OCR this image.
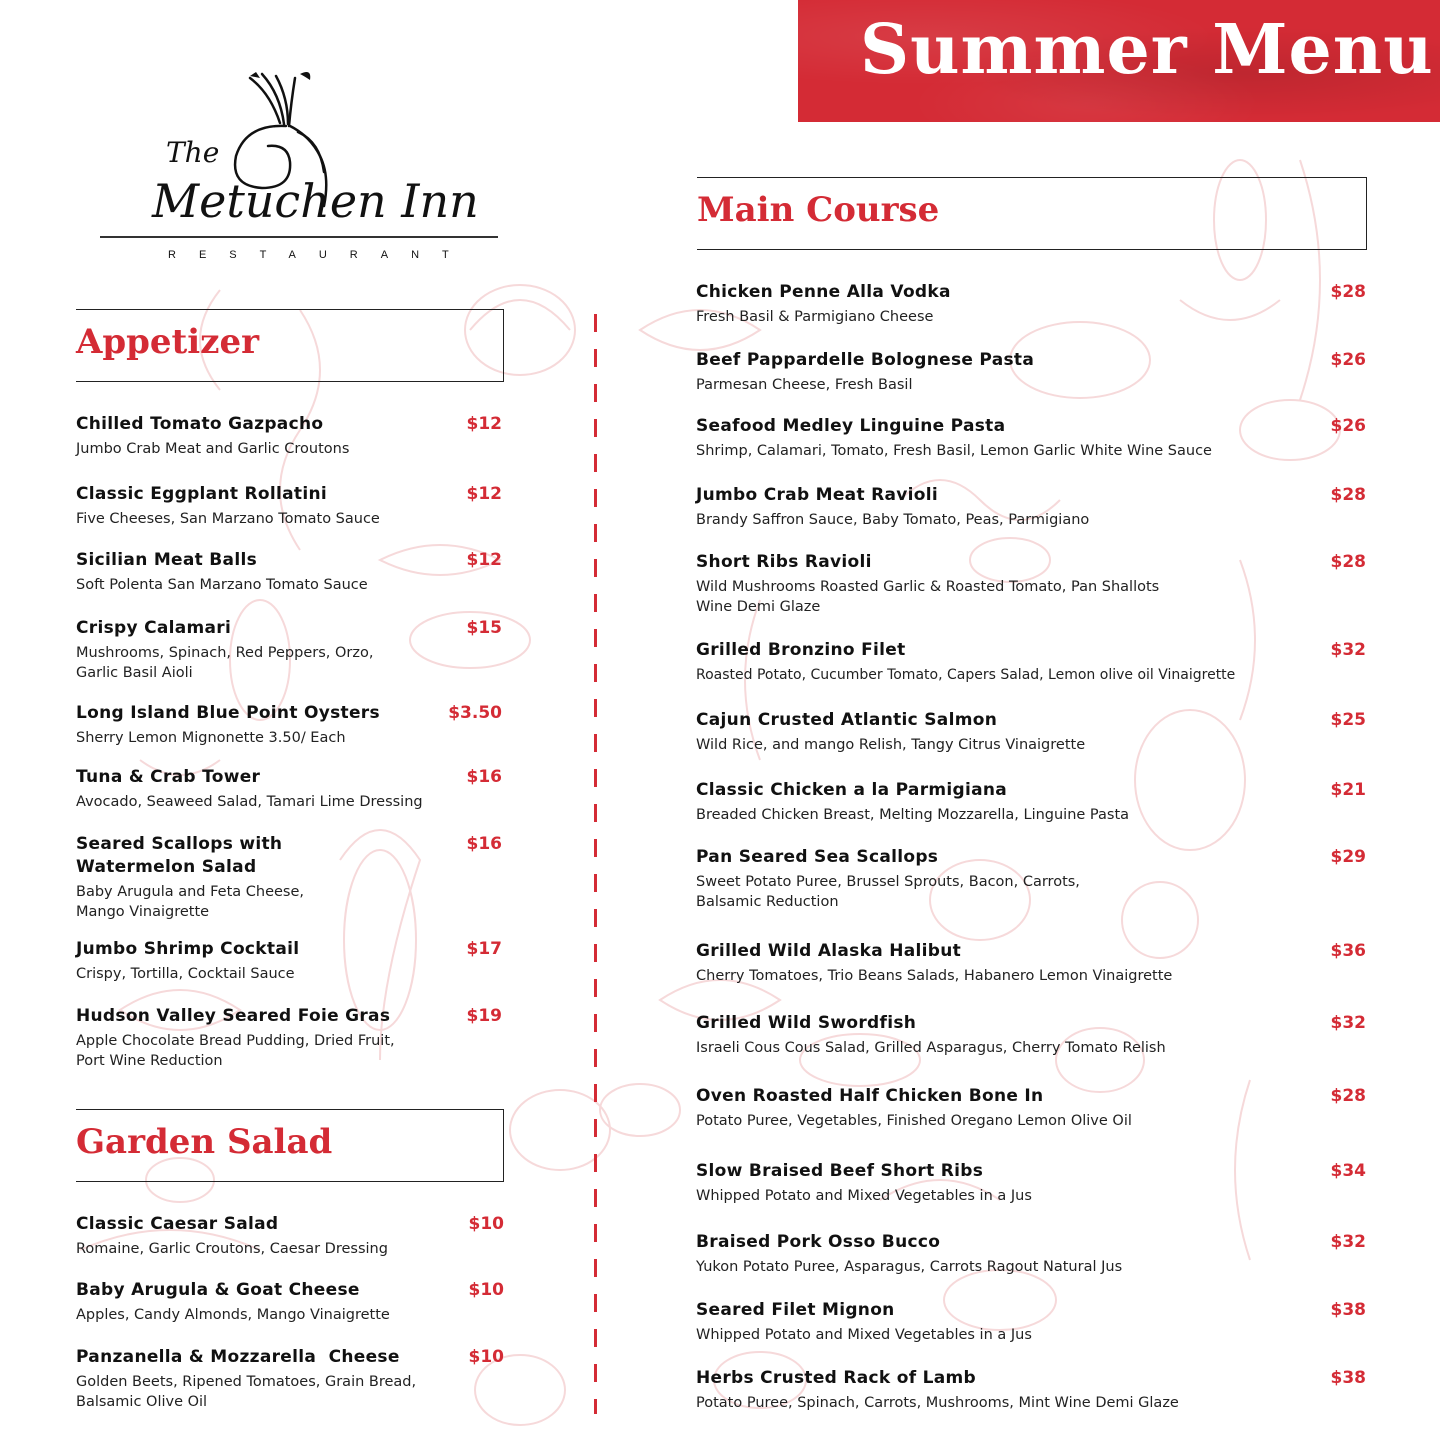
Summer Menu
The
Metuchen Inn
RESTAURANT
Appetizer
Garden Salad
Main Course
Chilled Tomato Gazpacho
Jumbo Crab Meat and Garlic Croutons
$12
Classic Eggplant Rollatini
Five Cheeses, San Marzano Tomato Sauce
$12
Sicilian Meat Balls
Soft Polenta San Marzano Tomato Sauce
$12
Crispy Calamari
Mushrooms, Spinach, Red Peppers, Orzo,
Garlic Basil Aioli
$15
Long Island Blue Point Oysters
Sherry Lemon Mignonette 3.50/ Each
$3.50
Tuna & Crab Tower
Avocado, Seaweed Salad, Tamari Lime Dressing
$16
Seared Scallops with
Watermelon Salad
Baby Arugula and Feta Cheese,
Mango Vinaigrette
$16
Jumbo Shrimp Cocktail
Crispy, Tortilla, Cocktail Sauce
$17
Hudson Valley Seared Foie Gras
Apple Chocolate Bread Pudding, Dried Fruit,
Port Wine Reduction
$19
Classic Caesar Salad
Romaine, Garlic Croutons, Caesar Dressing
$10
Baby Arugula & Goat Cheese
Apples, Candy Almonds, Mango Vinaigrette
$10
Panzanella & Mozzarella  Cheese
Golden Beets, Ripened Tomatoes, Grain Bread,
Balsamic Olive Oil
$10
Chicken Penne Alla Vodka
Fresh Basil & Parmigiano Cheese
$28
Beef Pappardelle Bolognese Pasta
Parmesan Cheese, Fresh Basil
$26
Seafood Medley Linguine Pasta
Shrimp, Calamari, Tomato, Fresh Basil, Lemon Garlic White Wine Sauce
$26
Jumbo Crab Meat Ravioli
Brandy Saffron Sauce, Baby Tomato, Peas, Parmigiano
$28
Short Ribs Ravioli
Wild Mushrooms Roasted Garlic & Roasted Tomato, Pan Shallots
Wine Demi Glaze
$28
Grilled Bronzino Filet
Roasted Potato, Cucumber Tomato, Capers Salad, Lemon olive oil Vinaigrette
$32
Cajun Crusted Atlantic Salmon
Wild Rice, and mango Relish, Tangy Citrus Vinaigrette
$25
Classic Chicken a la Parmigiana
Breaded Chicken Breast, Melting Mozzarella, Linguine Pasta
$21
Pan Seared Sea Scallops
Sweet Potato Puree, Brussel Sprouts, Bacon, Carrots,
Balsamic Reduction
$29
Grilled Wild Alaska Halibut
Cherry Tomatoes, Trio Beans Salads, Habanero Lemon Vinaigrette
$36
Grilled Wild Swordfish
Israeli Cous Cous Salad, Grilled Asparagus, Cherry Tomato Relish
$32
Oven Roasted Half Chicken Bone In
Potato Puree, Vegetables, Finished Oregano Lemon Olive Oil
$28
Slow Braised Beef Short Ribs
Whipped Potato and Mixed Vegetables in a Jus
$34
Braised Pork Osso Bucco
Yukon Potato Puree, Asparagus, Carrots Ragout Natural Jus
$32
Seared Filet Mignon
Whipped Potato and Mixed Vegetables in a Jus
$38
Herbs Crusted Rack of Lamb
Potato Puree, Spinach, Carrots, Mushrooms, Mint Wine Demi Glaze
$38
